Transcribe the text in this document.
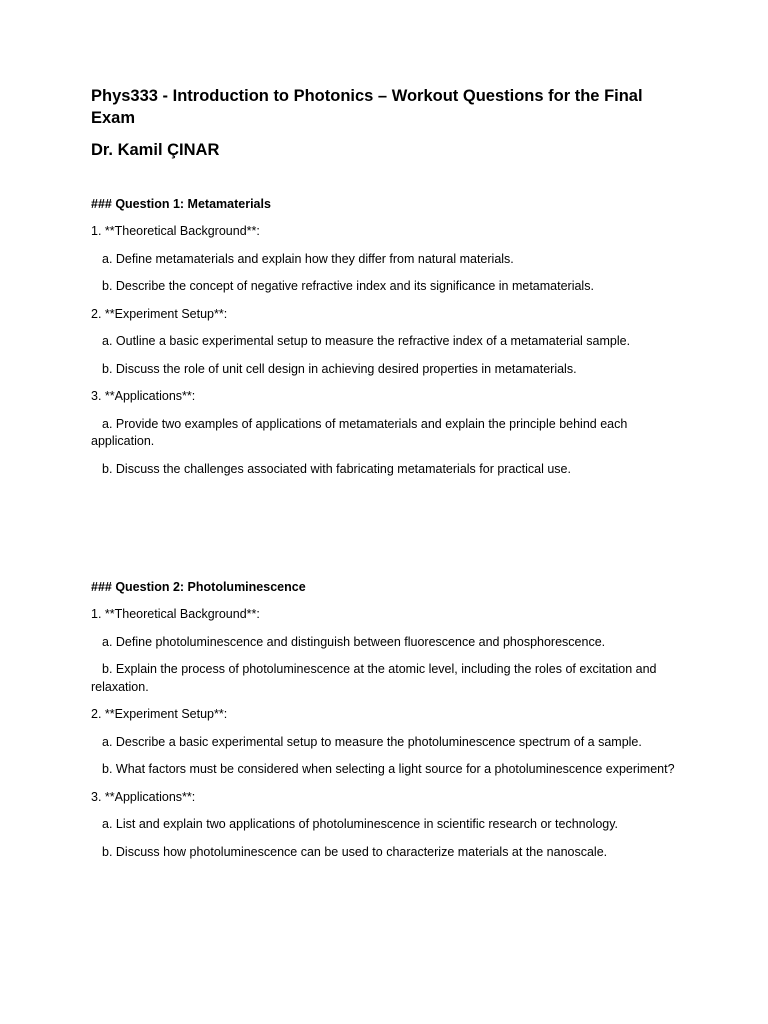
Phys333 - Introduction to Photonics – Workout Questions for the Final Exam
Dr. Kamil ÇINAR
### Question 1: Metamaterials
1. **Theoretical Background**:
a. Define metamaterials and explain how they differ from natural materials.
b. Describe the concept of negative refractive index and its significance in metamaterials.
2. **Experiment Setup**:
a. Outline a basic experimental setup to measure the refractive index of a metamaterial sample.
b. Discuss the role of unit cell design in achieving desired properties in metamaterials.
3. **Applications**:
a. Provide two examples of applications of metamaterials and explain the principle behind each application.
b. Discuss the challenges associated with fabricating metamaterials for practical use.
### Question 2: Photoluminescence
1. **Theoretical Background**:
a. Define photoluminescence and distinguish between fluorescence and phosphorescence.
b. Explain the process of photoluminescence at the atomic level, including the roles of excitation and relaxation.
2. **Experiment Setup**:
a. Describe a basic experimental setup to measure the photoluminescence spectrum of a sample.
b. What factors must be considered when selecting a light source for a photoluminescence experiment?
3. **Applications**:
a. List and explain two applications of photoluminescence in scientific research or technology.
b. Discuss how photoluminescence can be used to characterize materials at the nanoscale.
